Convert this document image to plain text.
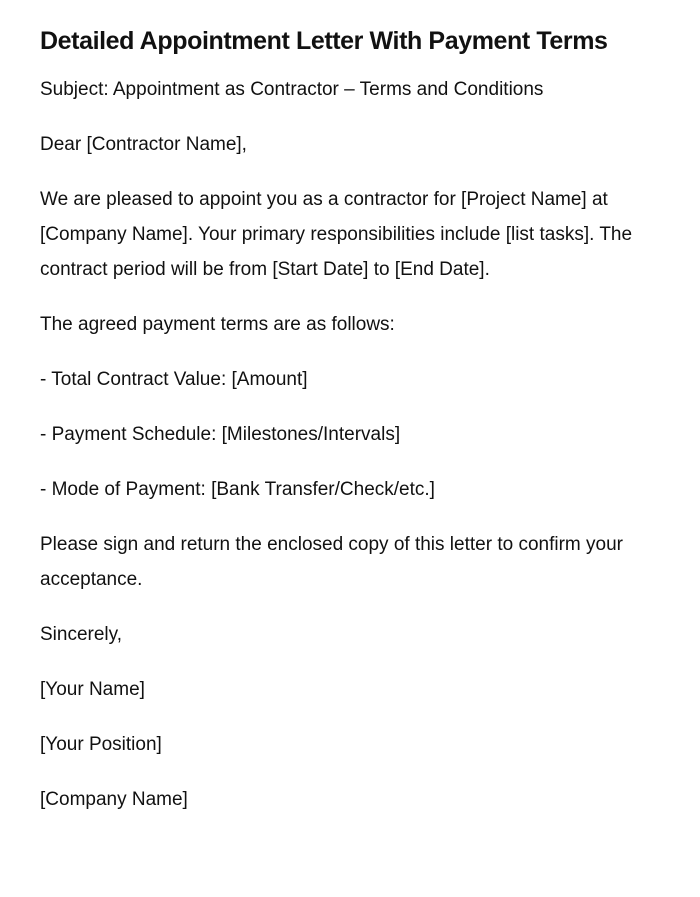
Detailed Appointment Letter With Payment Terms

Subject: Appointment as Contractor – Terms and Conditions

Dear [Contractor Name],

We are pleased to appoint you as a contractor for [Project Name] at [Company Name]. Your primary responsibilities include [list tasks]. The contract period will be from [Start Date] to [End Date].

The agreed payment terms are as follows:

- Total Contract Value: [Amount]

- Payment Schedule: [Milestones/Intervals]

- Mode of Payment: [Bank Transfer/Check/etc.]

Please sign and return the enclosed copy of this letter to confirm your acceptance.

Sincerely,

[Your Name]

[Your Position]

[Company Name]
